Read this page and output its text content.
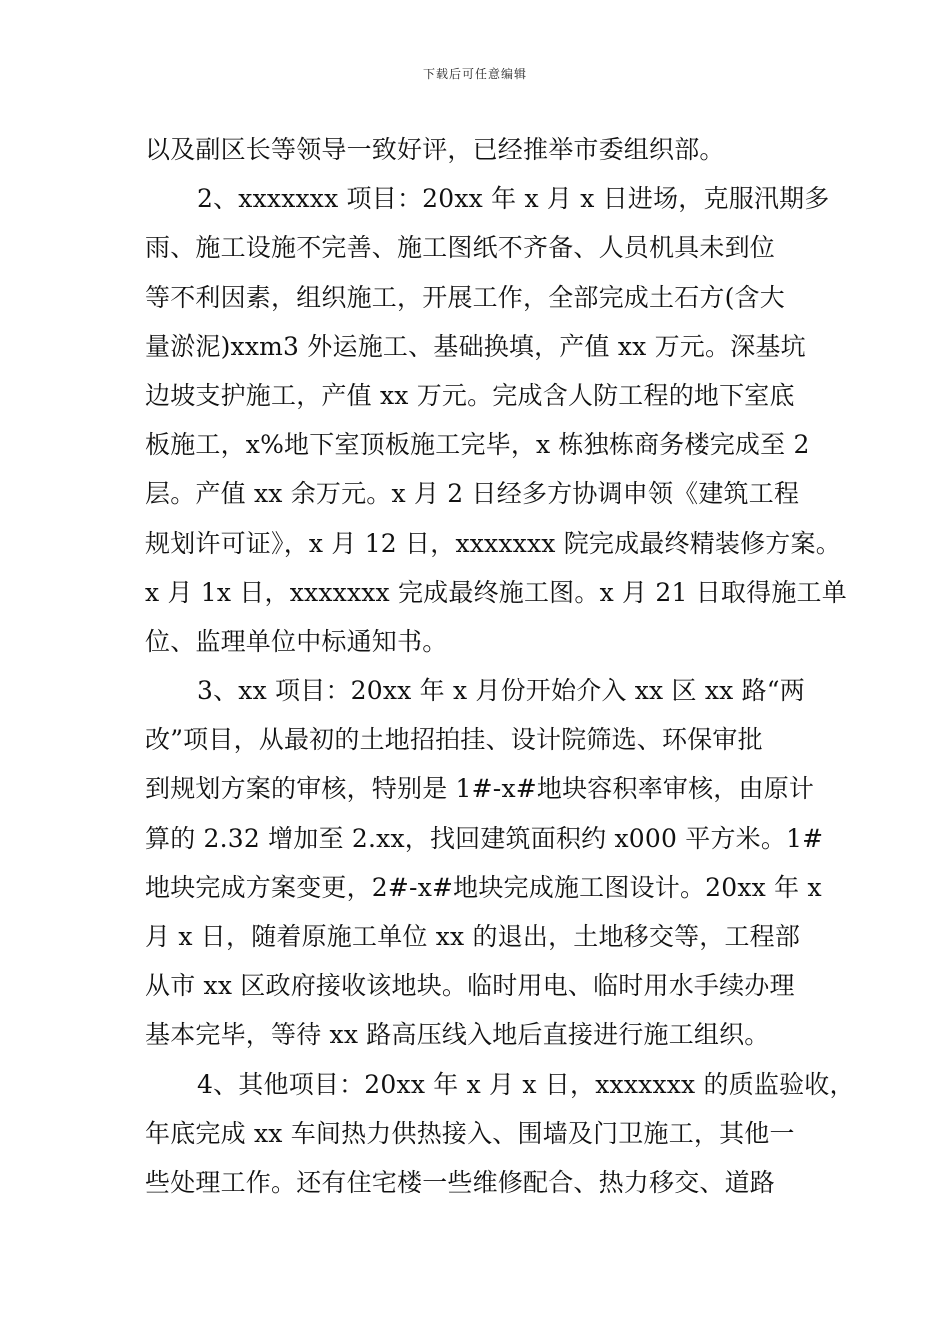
下载后可任意编辑
以及副区长等领导一致好评，已经推举市委组织部。
2、xxxxxxx 项目：20xx 年 x 月 x 日进场，克服汛期多
雨、施工设施不完善、施工图纸不齐备、人员机具未到位
等不利因素，组织施工，开展工作，全部完成土石方(含大
量淤泥)xxm3 外运施工、基础换填，产值 xx 万元。深基坑
边坡支护施工，产值 xx 万元。完成含人防工程的地下室底
板施工，x%地下室顶板施工完毕，x 栋独栋商务楼完成至 2
层。产值 xx 余万元。x 月 2 日经多方协调申领《建筑工程
规划许可证》，x 月 12 日，xxxxxxx 院完成最终精装修方案。
x 月 1x 日，xxxxxxx 完成最终施工图。x 月 21 日取得施工单
位、监理单位中标通知书。
3、xx 项目：20xx 年 x 月份开始介入 xx 区 xx 路“两
改”项目，从最初的土地招拍挂、设计院筛选、环保审批
到规划方案的审核，特别是 1#-x#地块容积率审核，由原计
算的 2.32 增加至 2.xx，找回建筑面积约 x000 平方米。1#
地块完成方案变更，2#-x#地块完成施工图设计。20xx 年 x
月 x 日，随着原施工单位 xx 的退出，土地移交等，工程部
从市 xx 区政府接收该地块。临时用电、临时用水手续办理
基本完毕，等待 xx 路高压线入地后直接进行施工组织。
4、其他项目：20xx 年 x 月 x 日，xxxxxxx 的质监验收，
年底完成 xx 车间热力供热接入、围墙及门卫施工，其他一
些处理工作。还有住宅楼一些维修配合、热力移交、道路
